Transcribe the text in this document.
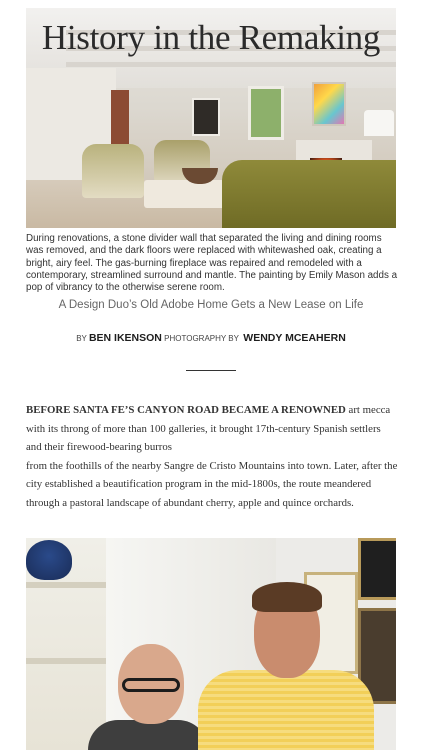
History in the Remaking
During renovations, a stone divider wall that separated the living and dining rooms was removed, and the dark floors were replaced with whitewashed oak, creating a bright, airy feel. The gas-burning fireplace was repaired and remodeled with a contemporary, streamlined surround and mantle. The painting by Emily Mason adds a pop of vibrancy to the otherwise serene room.
A Design Duo’s Old Adobe Home Gets a New Lease on Life
BY BEN IKENSON PHOTOGRAPHY BY WENDY MCEAHERN
BEFORE SANTA FE’S CANYON ROAD BECAME A RENOWNED art mecca with its throng of more than 100 galleries, it brought 17th-century Spanish settlers and their firewood-bearing burros
from the foothills of the nearby Sangre de Cristo Mountains into town. Later, after the city established a beautification program in the mid-1800s, the route meandered through a pastoral landscape of abundant cherry, apple and quince orchards.
